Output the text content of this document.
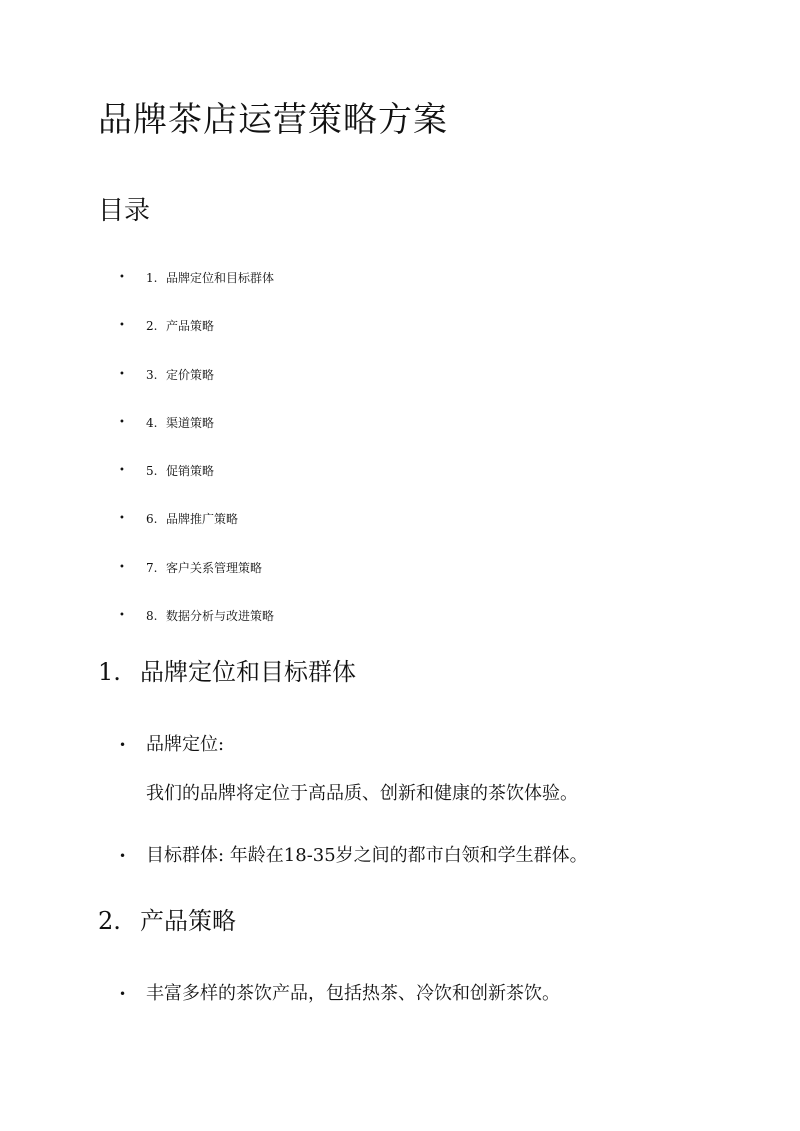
品牌茶店运营策略方案
目录
• 1. 品牌定位和目标群体
• 2. 产品策略
• 3. 定价策略
• 4. 渠道策略
• 5. 促销策略
• 6. 品牌推广策略
• 7. 客户关系管理策略
• 8. 数据分析与改进策略
1. 品牌定位和目标群体
• 品牌定位:
我们的品牌将定位于高品质、创新和健康的茶饮体验。
• 目标群体: 年龄在18-35岁之间的都市白领和学生群体。
2. 产品策略
• 丰富多样的茶饮产品，包括热茶、冷饮和创新茶饮。
